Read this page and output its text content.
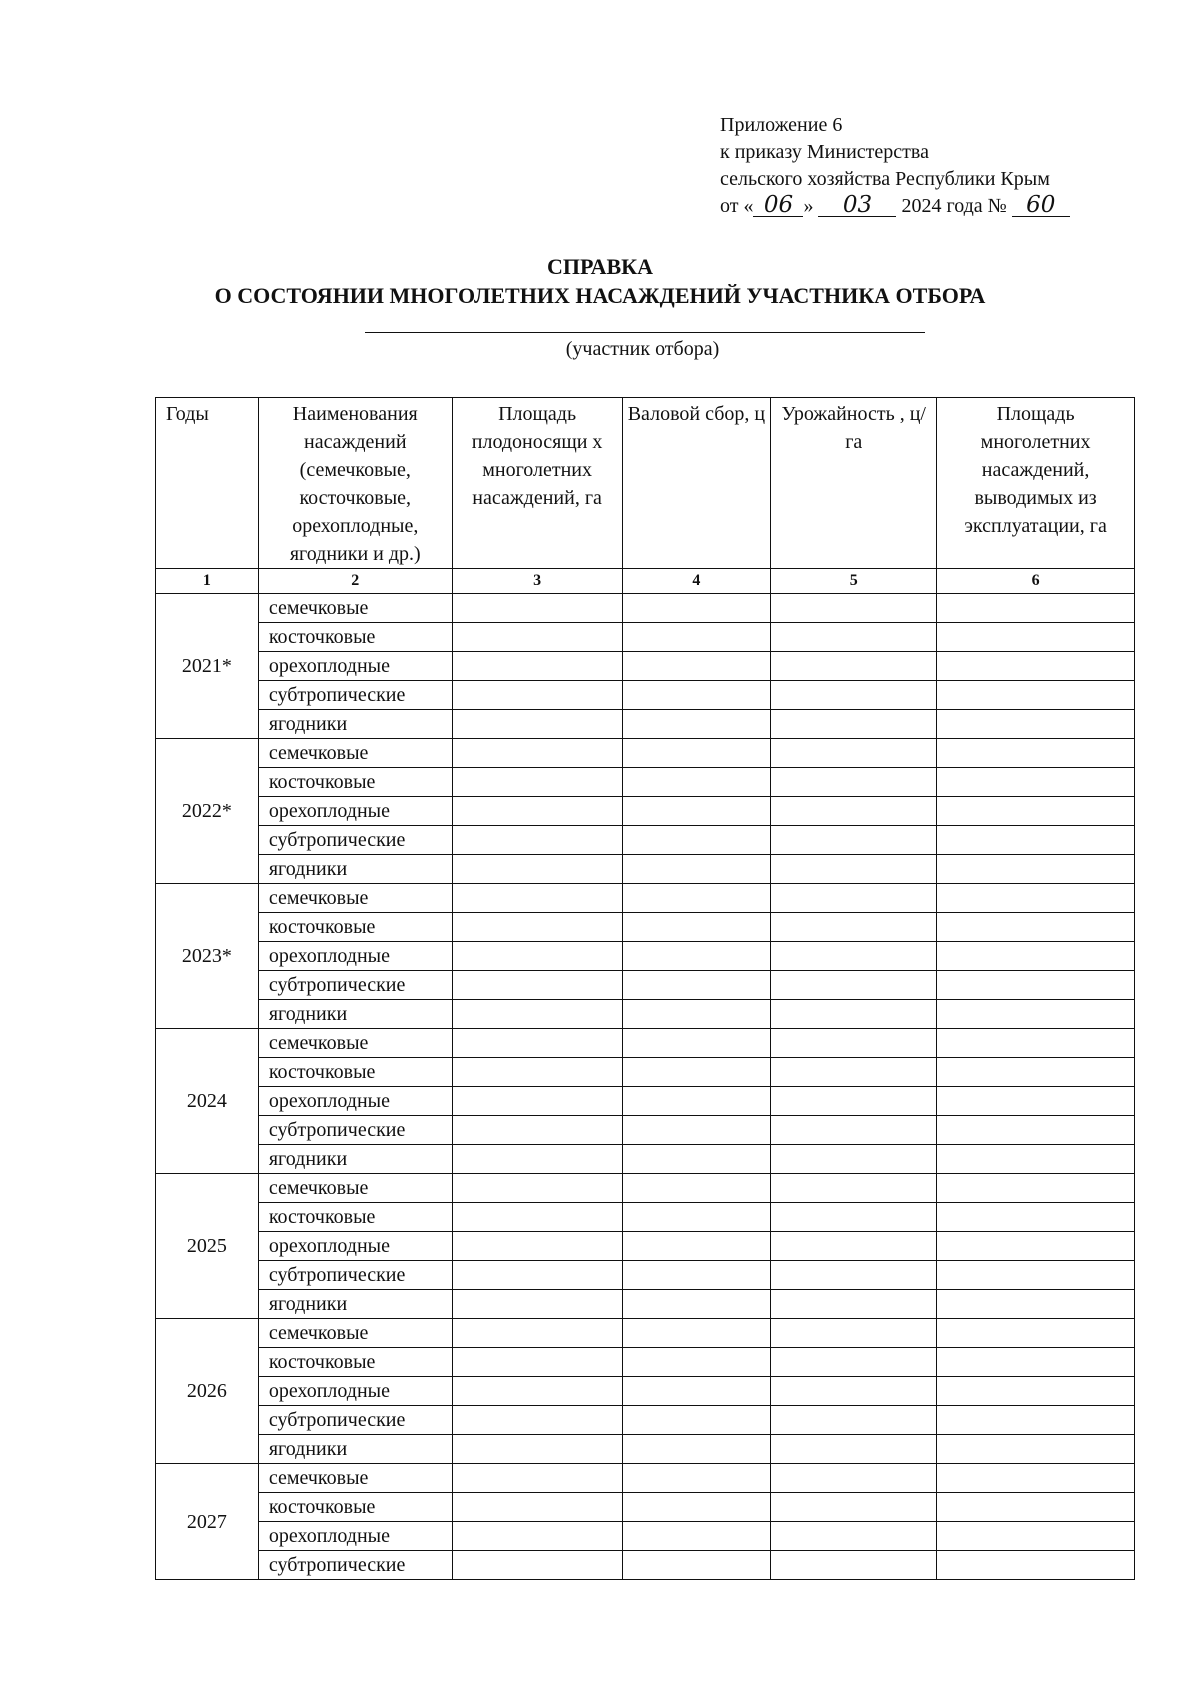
Приложение 6
к приказу Министерства
сельского хозяйства Республики Крым
от « 06 » 03 2024 года № 60
СПРАВКА
О СОСТОЯНИИ МНОГОЛЕТНИХ НАСАЖДЕНИЙ УЧАСТНИКА ОТБОРА
(участник отбора)
Годы	Наименования насаждений (семечковые, косточковые, орехоплодные, ягодники и др.)	Площадь плодоносящи х многолетних насаждений, га	Валовой сбор, ц	Урожайность , ц/га	Площадь многолетних насаждений, выводимых из эксплуатации, га
1	2	3	4	5	6
2021*	семечковые				
	косточковые				
	орехоплодные				
	субтропические				
	ягодники				
2022*	семечковые				
	косточковые				
	орехоплодные				
	субтропические				
	ягодники				
2023*	семечковые				
	косточковые				
	орехоплодные				
	субтропические				
	ягодники				
2024	семечковые				
	косточковые				
	орехоплодные				
	субтропические				
	ягодники				
2025	семечковые				
	косточковые				
	орехоплодные				
	субтропические				
	ягодники				
2026	семечковые				
	косточковые				
	орехоплодные				
	субтропические				
	ягодники				
2027	семечковые				
	косточковые				
	орехоплодные				
	субтропические				
